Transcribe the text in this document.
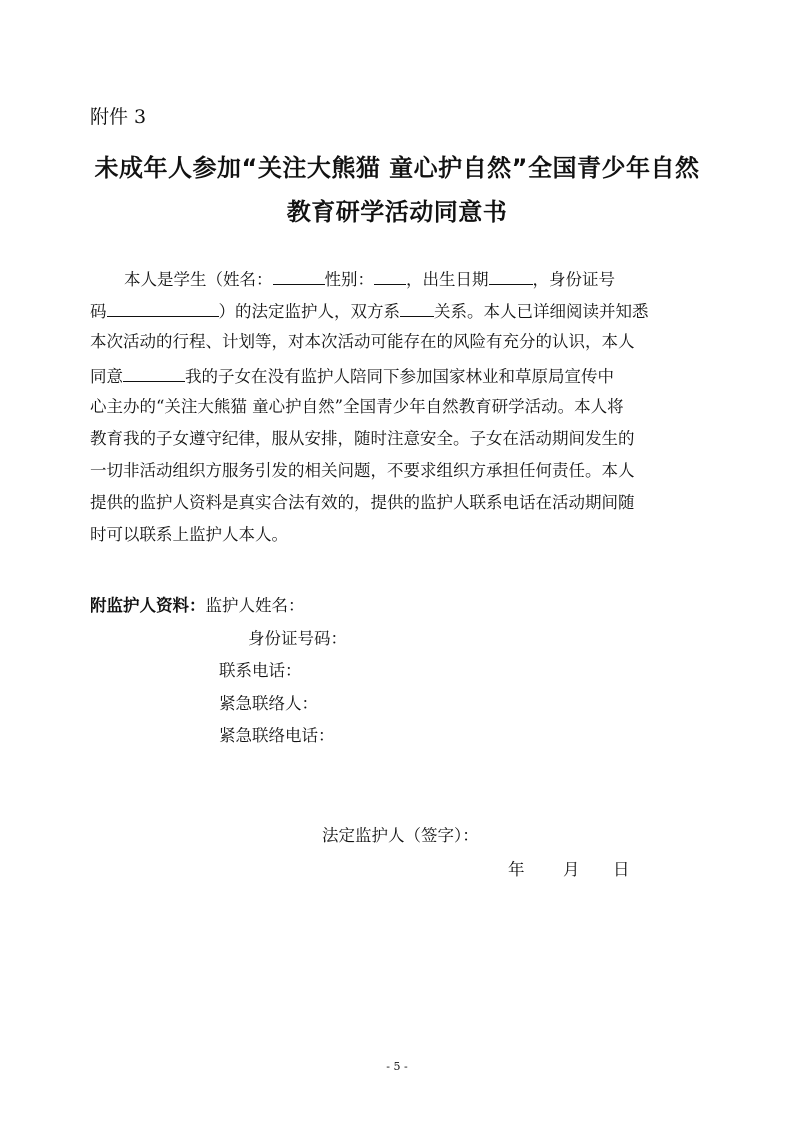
附件 3
未成年人参加“关注大熊猫 童心护自然”全国青少年自然
教育研学活动同意书
本人是学生（姓名：	性别： ，出生日期	，身份证号
码	）的法定监护人，双方系 关系。本人已详细阅读并知悉
本次活动的行程、计划等，对本次活动可能存在的风险有充分的认识，本人
同意	我的子女在没有监护人陪同下参加国家林业和草原局宣传中
心主办的“关注大熊猫 童心护自然”全国青少年自然教育研学活动。本人将
教育我的子女遵守纪律，服从安排，随时注意安全。子女在活动期间发生的
一切非活动组织方服务引发的相关问题，不要求组织方承担任何责任。本人
提供的监护人资料是真实合法有效的，提供的监护人联系电话在活动期间随
时可以联系上监护人本人。
附监护人资料：监护人姓名：
身份证号码：
联系电话：
紧急联络人：
紧急联络电话：
法定监护人（签字）：
年 月 日
- 5 -
